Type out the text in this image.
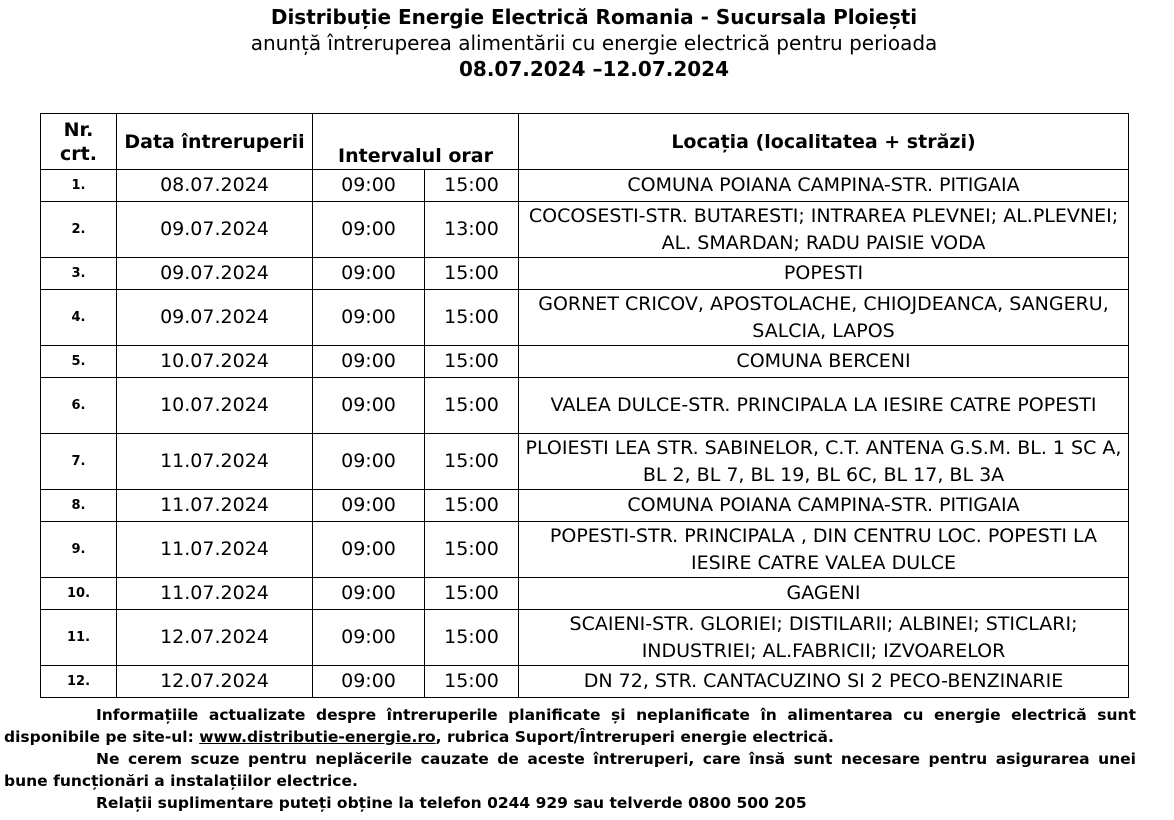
Distribuție Energie Electrică Romania - Sucursala Ploiești
anunță întreruperea alimentării cu energie electrică pentru perioada
08.07.2024 –12.07.2024
Nr. crt.	Data întreruperii	Intervalul orar		Locația (localitatea + străzi)
1.	08.07.2024	09:00	15:00	COMUNA POIANA CAMPINA-STR. PITIGAIA
2.	09.07.2024	09:00	13:00	COCOSESTI-STR. BUTARESTI; INTRAREA PLEVNEI; AL.PLEVNEI; AL. SMARDAN; RADU PAISIE VODA
3.	09.07.2024	09:00	15:00	POPESTI
4.	09.07.2024	09:00	15:00	GORNET CRICOV, APOSTOLACHE, CHIOJDEANCA, SANGERU, SALCIA, LAPOS
5.	10.07.2024	09:00	15:00	COMUNA BERCENI
6.	10.07.2024	09:00	15:00	VALEA DULCE-STR. PRINCIPALA LA IESIRE CATRE POPESTI
7.	11.07.2024	09:00	15:00	PLOIESTI LEA STR. SABINELOR, C.T. ANTENA G.S.M. BL. 1 SC A, BL 2, BL 7, BL 19, BL 6C, BL 17, BL 3A
8.	11.07.2024	09:00	15:00	COMUNA POIANA CAMPINA-STR. PITIGAIA
9.	11.07.2024	09:00	15:00	POPESTI-STR. PRINCIPALA , DIN CENTRU LOC. POPESTI LA IESIRE CATRE VALEA DULCE
10.	11.07.2024	09:00	15:00	GAGENI
11.	12.07.2024	09:00	15:00	SCAIENI-STR. GLORIEI; DISTILARII; ALBINEI; STICLARI; INDUSTRIEI; AL.FABRICII; IZVOARELOR
12.	12.07.2024	09:00	15:00	DN 72, STR. CANTACUZINO SI 2 PECO-BENZINARIE

Informațiile actualizate despre întreruperile planificate și neplanificate în alimentarea cu energie electrică sunt disponibile pe site-ul: www.distributie-energie.ro, rubrica Suport/Întreruperi energie electrică.

Ne cerem scuze pentru neplăcerile cauzate de aceste întreruperi, care însă sunt necesare pentru asigurarea unei bune funcționări a instalațiilor electrice.

Relații suplimentare puteți obține la telefon 0244 929 sau telverde 0800 500 205
